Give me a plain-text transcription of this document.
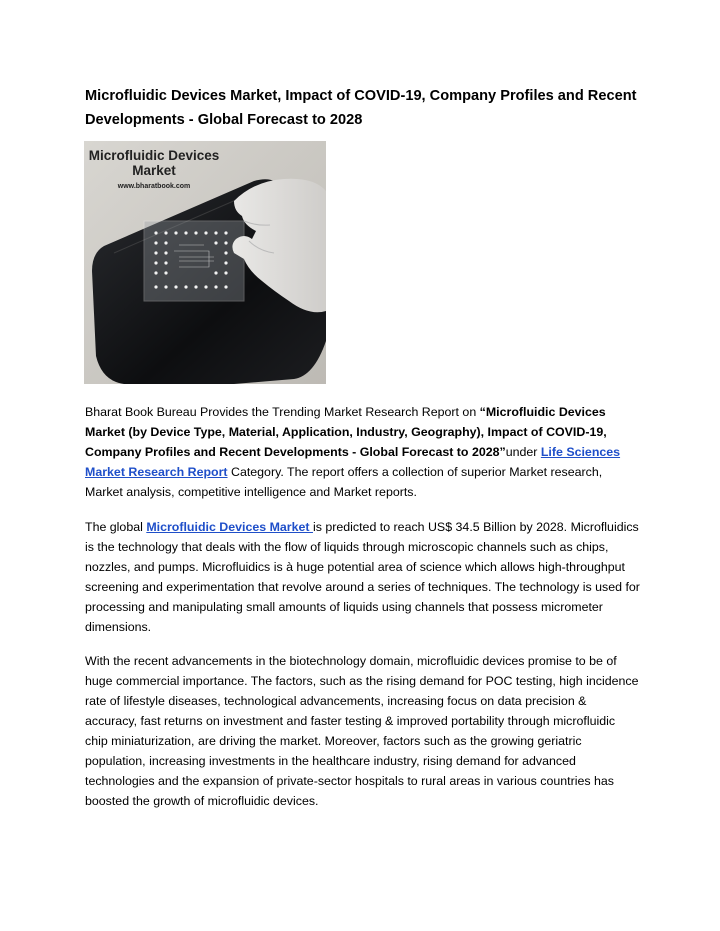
Microfluidic Devices Market, Impact of COVID-19, Company Profiles and Recent Developments - Global Forecast to 2028
Microfluidic Devices Market
www.bharatbook.com

Bharat Book Bureau Provides the Trending Market Research Report on “Microfluidic Devices Market (by Device Type, Material, Application, Industry, Geography), Impact of COVID-19, Company Profiles and Recent Developments - Global Forecast to 2028”under Life Sciences Market Research Report Category. The report offers a collection of superior Market research, Market analysis, competitive intelligence and Market reports.

The global Microfluidic Devices Market is predicted to reach US$ 34.5 Billion by 2028. Microfluidics is the technology that deals with the flow of liquids through microscopic channels such as chips, nozzles, and pumps. Microfluidics is à huge potential area of science which allows high-throughput screening and experimentation that revolve around a series of techniques. The technology is used for processing and manipulating small amounts of liquids using channels that possess micrometer dimensions.

With the recent advancements in the biotechnology domain, microfluidic devices promise to be of huge commercial importance. The factors, such as the rising demand for POC testing, high incidence rate of lifestyle diseases, technological advancements, increasing focus on data precision & accuracy, fast returns on investment and faster testing & improved portability through microfluidic chip miniaturization, are driving the market. Moreover, factors such as the growing geriatric population, increasing investments in the healthcare industry, rising demand for advanced technologies and the expansion of private-sector hospitals to rural areas in various countries has boosted the growth of microfluidic devices.
